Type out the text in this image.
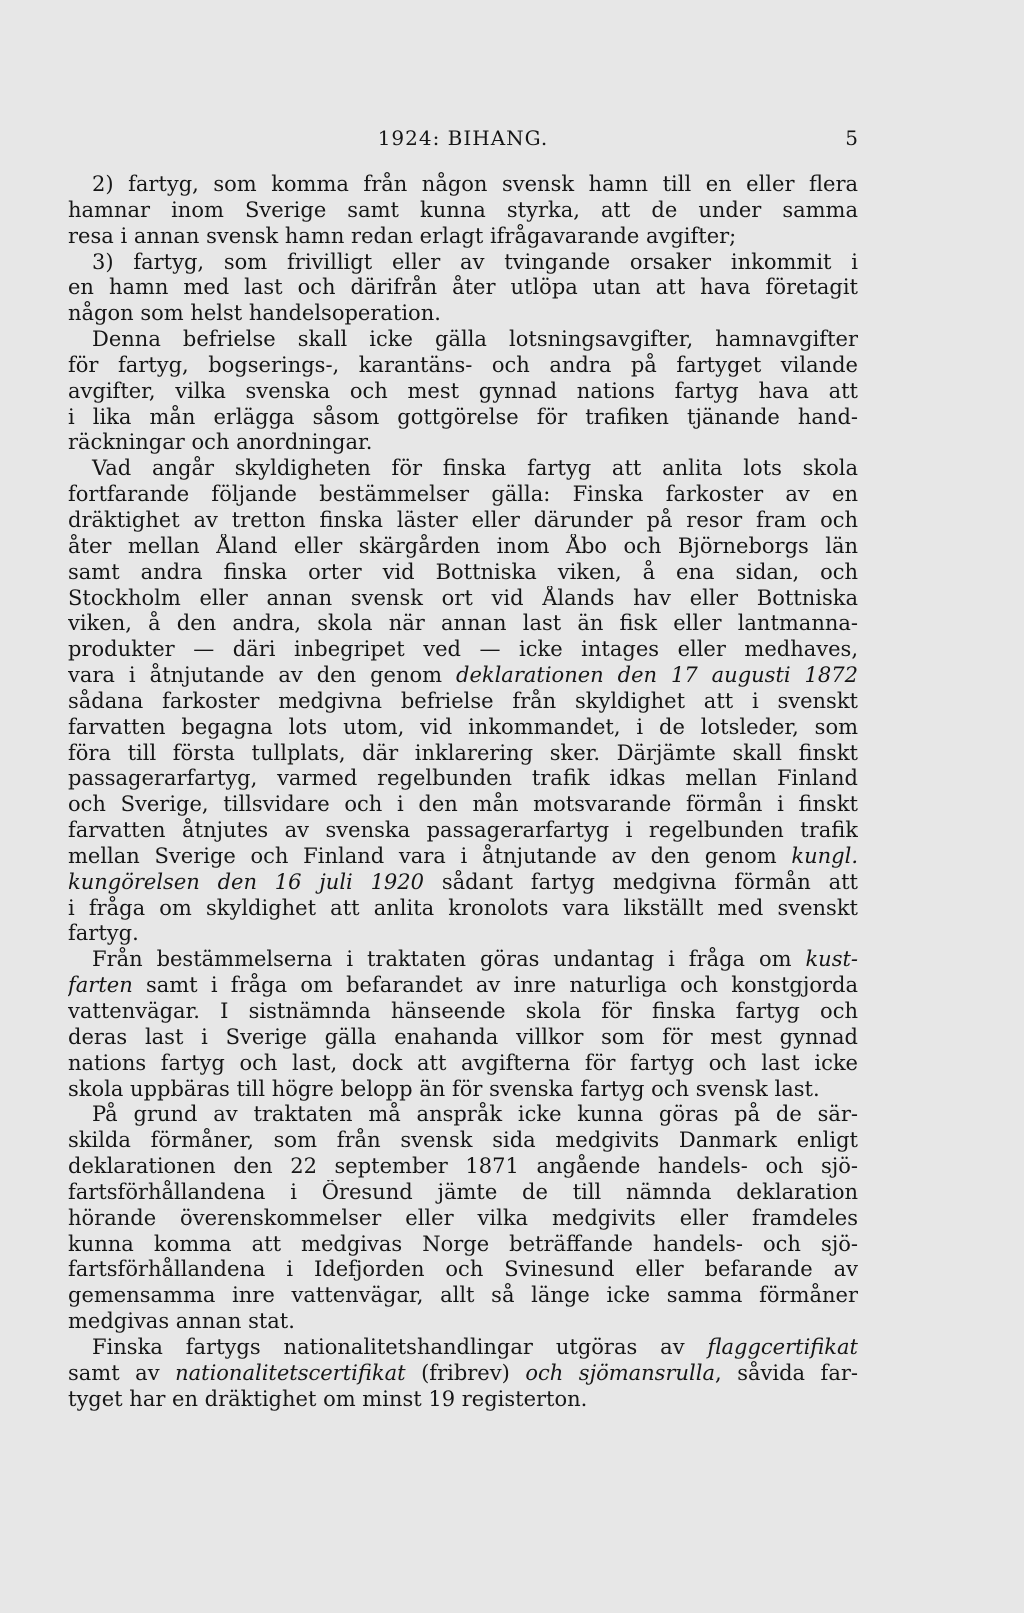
1924: BIHANG.	5
2) fartyg, som komma från någon svensk hamn till en eller flera
hamnar inom Sverige samt kunna styrka, att de under samma
resa i annan svensk hamn redan erlagt ifrågavarande avgifter;
3) fartyg, som frivilligt eller av tvingande orsaker inkommit i
en hamn med last och därifrån åter utlöpa utan att hava företagit
någon som helst handelsoperation.
Denna befrielse skall icke gälla lotsningsavgifter, hamnavgifter
för fartyg, bogserings-, karantäns- och andra på fartyget vilande
avgifter, vilka svenska och mest gynnad nations fartyg hava att
i lika mån erlägga såsom gottgörelse för trafiken tjänande hand-
räckningar och anordningar.
Vad angår skyldigheten för finska fartyg att anlita lots skola
fortfarande följande bestämmelser gälla: Finska farkoster av en
dräktighet av tretton finska läster eller därunder på resor fram och
åter mellan Åland eller skärgården inom Åbo och Björneborgs län
samt andra finska orter vid Bottniska viken, å ena sidan, och
Stockholm eller annan svensk ort vid Ålands hav eller Bottniska
viken, å den andra, skola när annan last än fisk eller lantmanna-
produkter — däri inbegripet ved — icke intages eller medhaves,
vara i åtnjutande av den genom deklarationen den 17 augusti 1872
sådana farkoster medgivna befrielse från skyldighet att i svenskt
farvatten begagna lots utom, vid inkommandet, i de lotsleder, som
föra till första tullplats, där inklarering sker. Därjämte skall finskt
passagerarfartyg, varmed regelbunden trafik idkas mellan Finland
och Sverige, tillsvidare och i den mån motsvarande förmån i finskt
farvatten åtnjutes av svenska passagerarfartyg i regelbunden trafik
mellan Sverige och Finland vara i åtnjutande av den genom kungl.
kungörelsen den 16 juli 1920 sådant fartyg medgivna förmån att
i fråga om skyldighet att anlita kronolots vara likställt med svenskt
fartyg.
Från bestämmelserna i traktaten göras undantag i fråga om kust-
farten samt i fråga om befarandet av inre naturliga och konstgjorda
vattenvägar. I sistnämnda hänseende skola för finska fartyg och
deras last i Sverige gälla enahanda villkor som för mest gynnad
nations fartyg och last, dock att avgifterna för fartyg och last icke
skola uppbäras till högre belopp än för svenska fartyg och svensk last.
På grund av traktaten må anspråk icke kunna göras på de sär-
skilda förmåner, som från svensk sida medgivits Danmark enligt
deklarationen den 22 september 1871 angående handels- och sjö-
fartsförhållandena i Öresund jämte de till nämnda deklaration
hörande överenskommelser eller vilka medgivits eller framdeles
kunna komma att medgivas Norge beträffande handels- och sjö-
fartsförhållandena i Idefjorden och Svinesund eller befarande av
gemensamma inre vattenvägar, allt så länge icke samma förmåner
medgivas annan stat.
Finska fartygs nationalitetshandlingar utgöras av flaggcertifikat
samt av nationalitetscertifikat (fribrev) och sjömansrulla, såvida far-
tyget har en dräktighet om minst 19 registerton.
